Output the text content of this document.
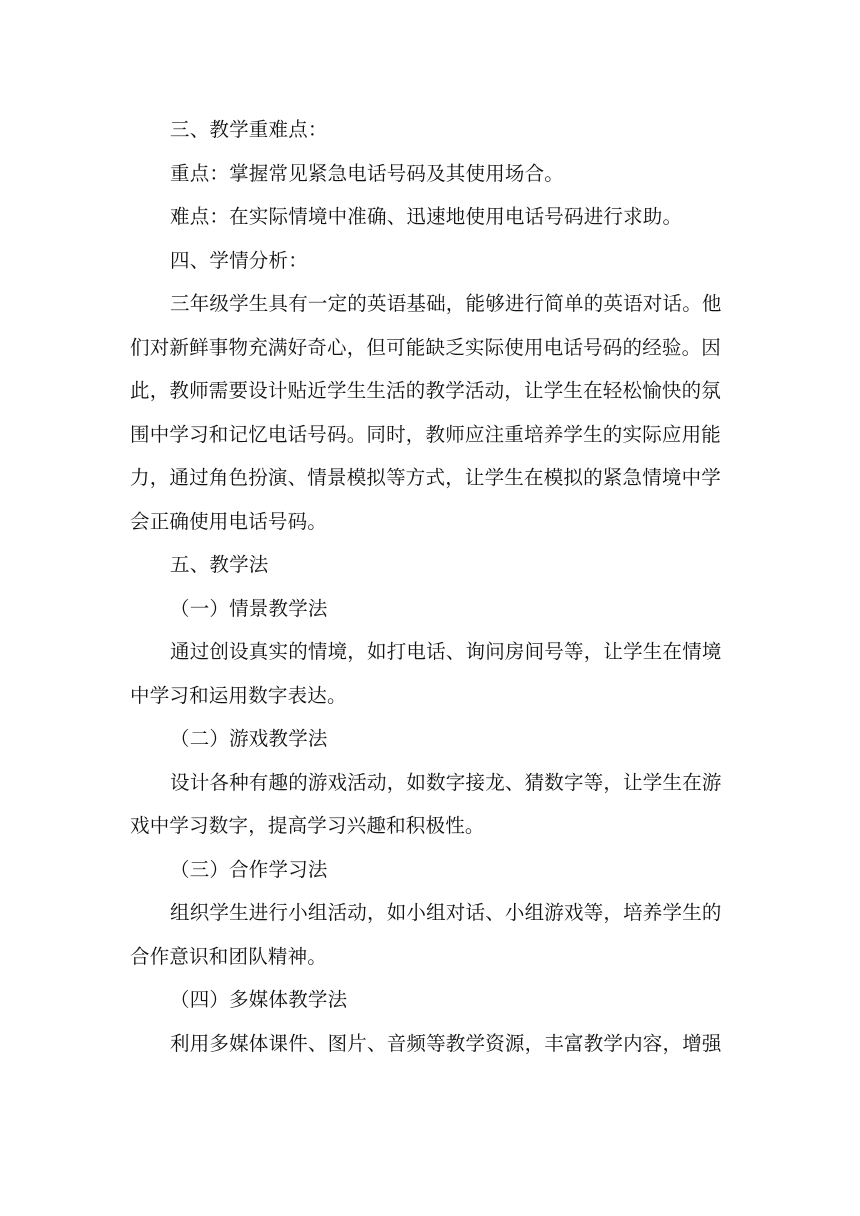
三、教学重难点：
重点：掌握常见紧急电话号码及其使用场合。
难点：在实际情境中准确、迅速地使用电话号码进行求助。
四、学情分析：
三年级学生具有一定的英语基础，能够进行简单的英语对话。他
们对新鲜事物充满好奇心，但可能缺乏实际使用电话号码的经验。因
此，教师需要设计贴近学生生活的教学活动，让学生在轻松愉快的氛
围中学习和记忆电话号码。同时，教师应注重培养学生的实际应用能
力，通过角色扮演、情景模拟等方式，让学生在模拟的紧急情境中学
会正确使用电话号码。
五、教学法
（一）情景教学法
通过创设真实的情境，如打电话、询问房间号等，让学生在情境
中学习和运用数字表达。
（二）游戏教学法
设计各种有趣的游戏活动，如数字接龙、猜数字等，让学生在游
戏中学习数字，提高学习兴趣和积极性。
（三）合作学习法
组织学生进行小组活动，如小组对话、小组游戏等，培养学生的
合作意识和团队精神。
（四）多媒体教学法
利用多媒体课件、图片、音频等教学资源，丰富教学内容，增强
